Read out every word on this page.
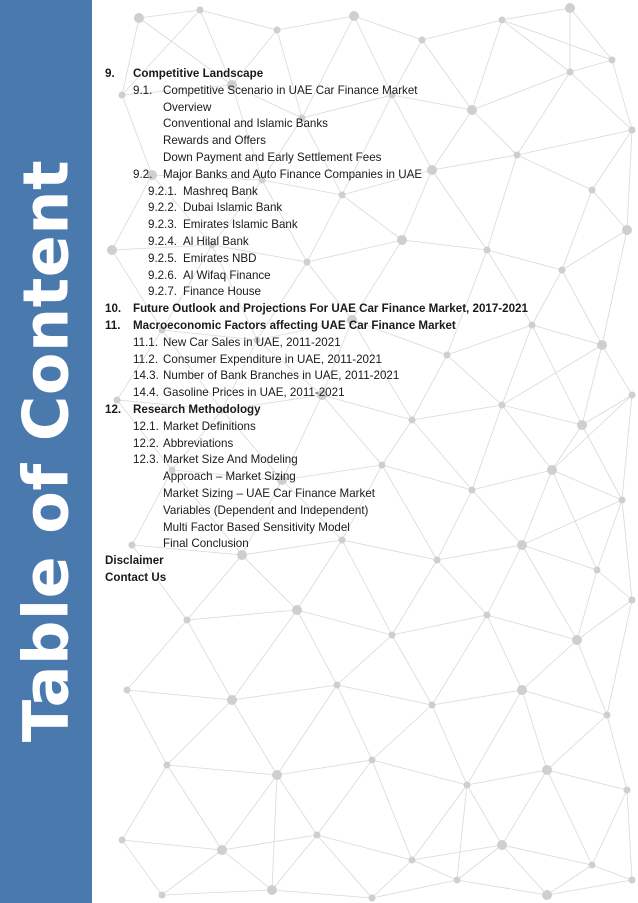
Table of Content
9. Competitive Landscape
9.1. Competitive Scenario in UAE Car Finance Market
Overview
Conventional and Islamic Banks
Rewards and Offers
Down Payment and Early Settlement Fees
9.2. Major Banks and Auto Finance Companies in UAE
9.2.1. Mashreq Bank
9.2.2. Dubai Islamic Bank
9.2.3. Emirates Islamic Bank
9.2.4. Al Hilal Bank
9.2.5. Emirates NBD
9.2.6. Al Wifaq Finance
9.2.7. Finance House
10. Future Outlook and Projections For UAE Car Finance Market, 2017-2021
11. Macroeconomic Factors affecting UAE Car Finance Market
11.1. New Car Sales in UAE, 2011-2021
11.2. Consumer Expenditure in UAE, 2011-2021
14.3. Number of Bank Branches in UAE, 2011-2021
14.4. Gasoline Prices in UAE, 2011-2021
12. Research Methodology
12.1. Market Definitions
12.2. Abbreviations
12.3. Market Size And Modeling
Approach – Market Sizing
Market Sizing – UAE Car Finance Market
Variables (Dependent and Independent)
Multi Factor Based Sensitivity Model
Final Conclusion
Disclaimer
Contact Us
